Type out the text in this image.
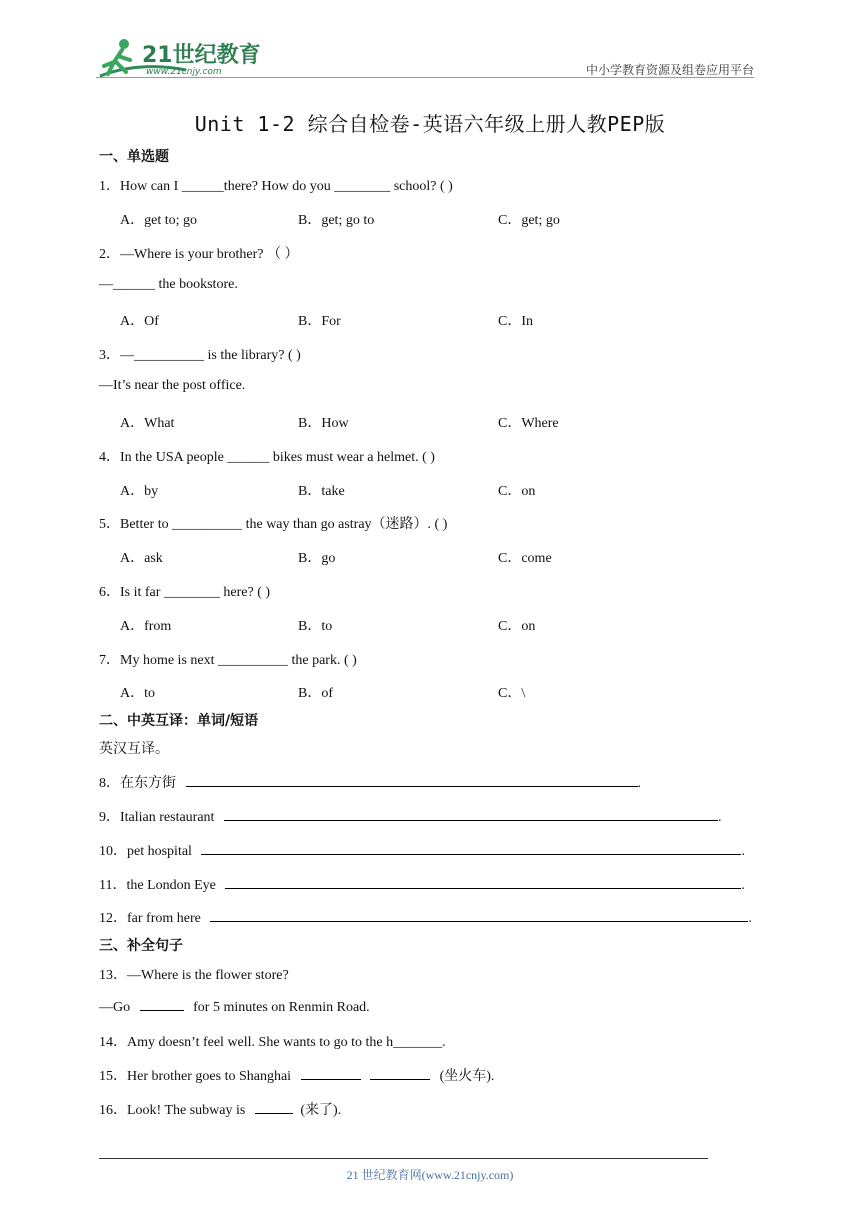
21世纪教育
www.21cnjy.com	中小学教育资源及组卷应用平台
Unit 1-2 综合自检卷-英语六年级上册人教PEP版
一、单选题
1．How can I ______there? How do you ________ school? ( )
A．get to; go	B．get; go to	C．get; go
2．—Where is your brother? （ ）
—______ the bookstore.
A．Of	B．For	C．In
3．—__________ is the library? ( )
—It’s near the post office.
A．What	B．How	C．Where
4．In the USA people ______ bikes must wear a helmet. ( )
A．by	B．take	C．on
5．Better to __________ the way than go astray（迷路）. ( )
A．ask	B．go	C．come
6．Is it far ________ here? ( )
A．from	B．to	C．on
7．My home is next __________ the park. ( )
A．to	B．of	C．\
二、中英互译：单词/短语
英汉互译。
8．在东方街	.
9．Italian restaurant	.
10．pet hospital	.
11．the London Eye	.
12．far from here	.
三、补全句子
13．—Where is the flower store?
—Go	for 5 minutes on Renmin Road.
14．Amy doesn’t feel well. She wants to go to the h_______.
15．Her brother goes to Shanghai	(坐火车).
16．Look! The subway is	(来了).
21 世纪教育网(www.21cnjy.com)
